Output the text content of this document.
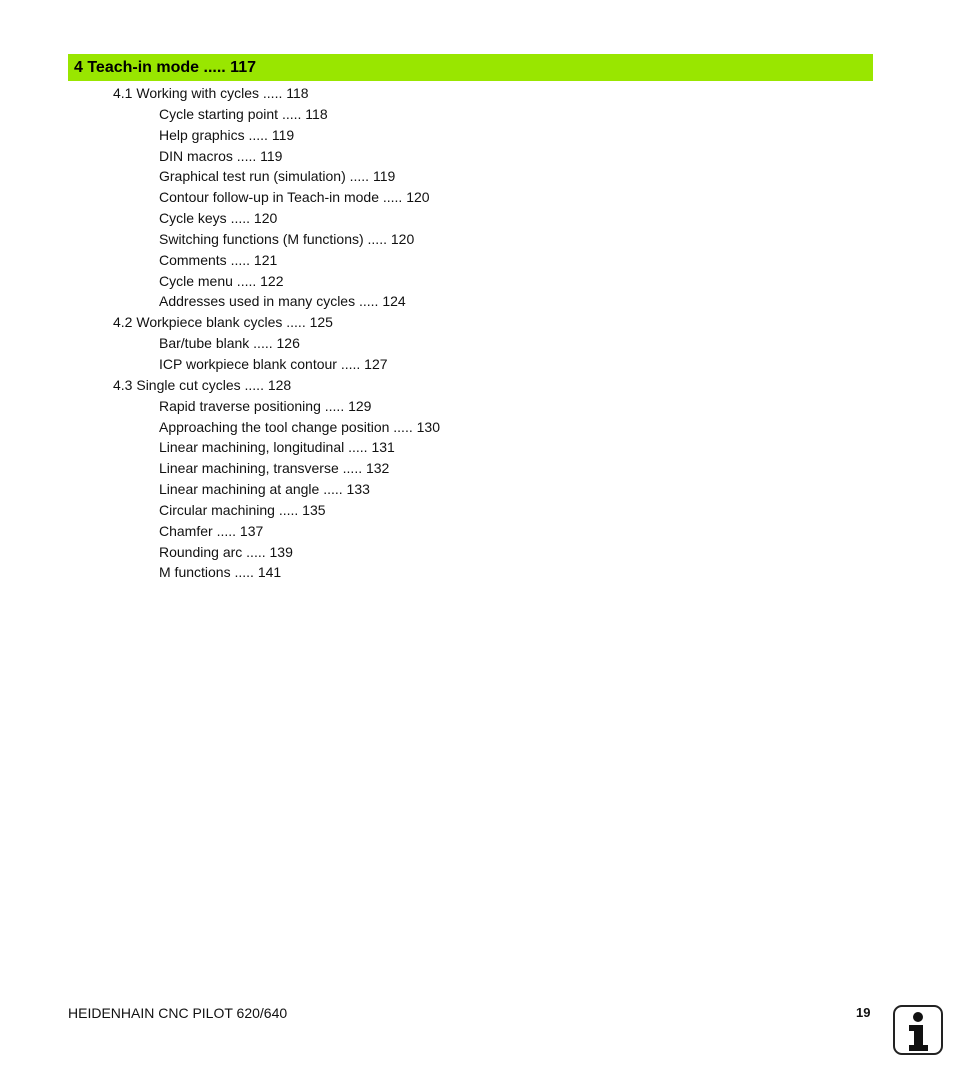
4 Teach-in mode ..... 117
4.1 Working with cycles ..... 118
Cycle starting point ..... 118
Help graphics ..... 119
DIN macros ..... 119
Graphical test run (simulation) ..... 119
Contour follow-up in Teach-in mode ..... 120
Cycle keys ..... 120
Switching functions (M functions) ..... 120
Comments ..... 121
Cycle menu ..... 122
Addresses used in many cycles ..... 124
4.2 Workpiece blank cycles ..... 125
Bar/tube blank ..... 126
ICP workpiece blank contour ..... 127
4.3 Single cut cycles ..... 128
Rapid traverse positioning ..... 129
Approaching the tool change position ..... 130
Linear machining, longitudinal ..... 131
Linear machining, transverse ..... 132
Linear machining at angle ..... 133
Circular machining ..... 135
Chamfer ..... 137
Rounding arc ..... 139
M functions ..... 141
HEIDENHAIN CNC PILOT 620/640	19
